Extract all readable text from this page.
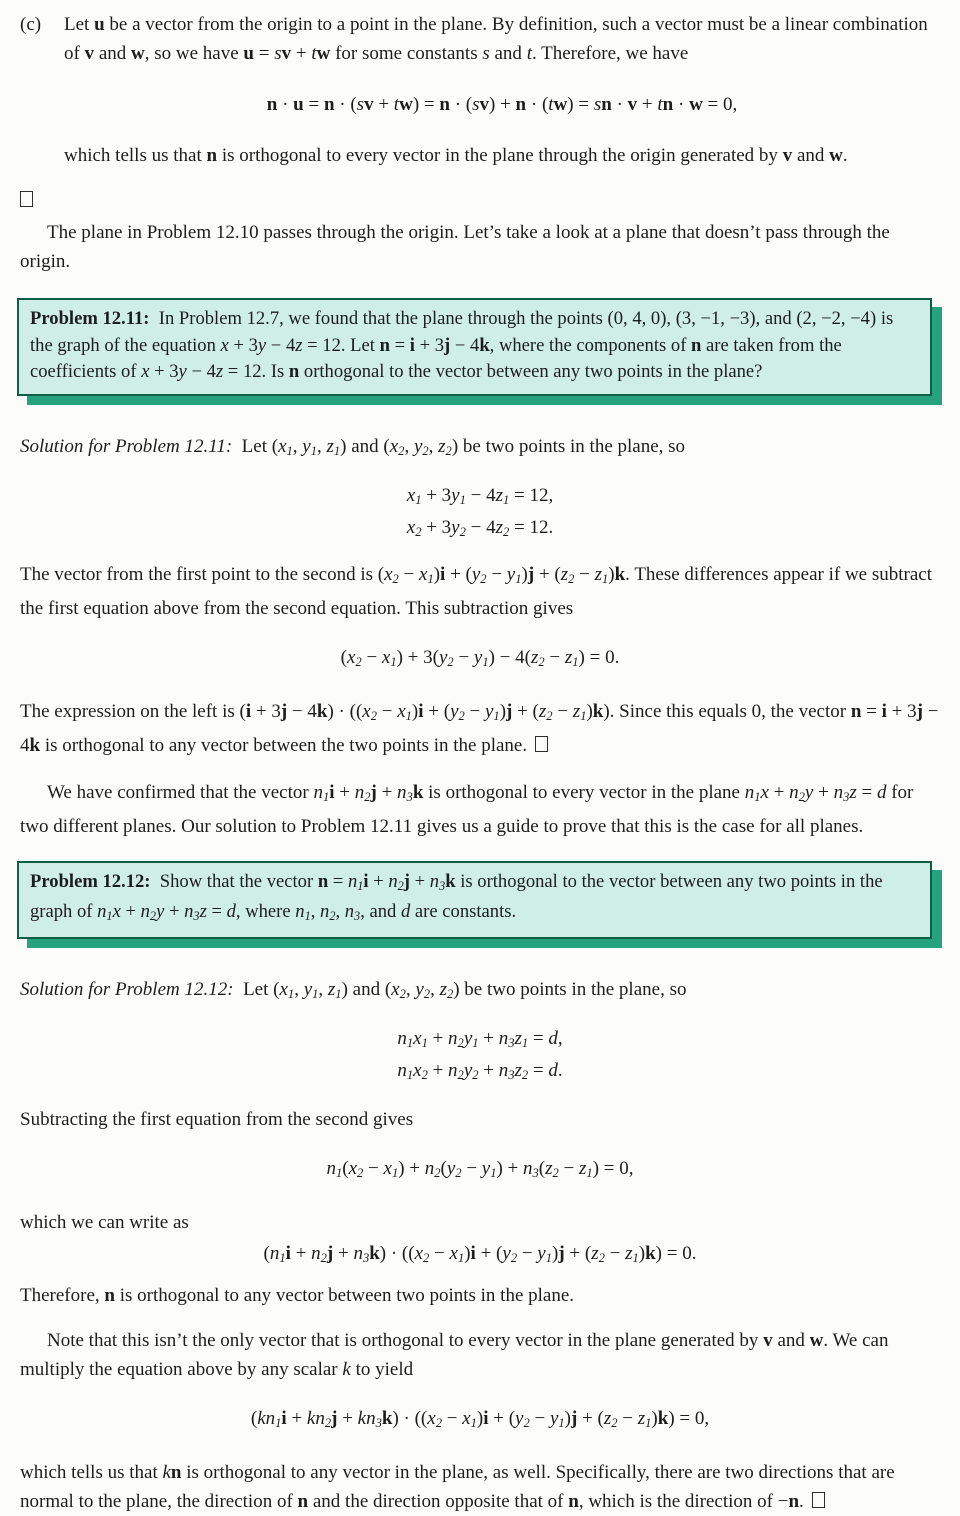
(c)	Let u be a vector from the origin to a point in the plane. By definition, such a vector must be a linear combination of v and w, so we have u = sv + tw for some constants s and t. Therefore, we have

n · u = n · (sv + tw) = n · (sv) + n · (tw) = sn · v + tn · w = 0,

which tells us that n is orthogonal to every vector in the plane through the origin generated by v and w.

The plane in Problem 12.10 passes through the origin. Let’s take a look at a plane that doesn’t pass through the origin.

Problem 12.11:  In Problem 12.7, we found that the plane through the points (0, 4, 0), (3, −1, −3), and (2, −2, −4) is the graph of the equation x + 3y − 4z = 12. Let n = i + 3j − 4k, where the components of n are taken from the coefficients of x + 3y − 4z = 12. Is n orthogonal to the vector between any two points in the plane?

Solution for Problem 12.11:  Let (x1, y1, z1) and (x2, y2, z2) be two points in the plane, so

x1 + 3y1 − 4z1 = 12,

x2 + 3y2 − 4z2 = 12.

The vector from the first point to the second is (x2 − x1)i + (y2 − y1)j + (z2 − z1)k. These differences appear if we subtract the first equation above from the second equation. This subtraction gives

(x2 − x1) + 3(y2 − y1) − 4(z2 − z1) = 0.

The expression on the left is (i + 3j − 4k) · ((x2 − x1)i + (y2 − y1)j + (z2 − z1)k). Since this equals 0, the vector n = i + 3j − 4k is orthogonal to any vector between the two points in the plane.

We have confirmed that the vector n1i + n2j + n3k is orthogonal to every vector in the plane n1x + n2y + n3z = d for two different planes. Our solution to Problem 12.11 gives us a guide to prove that this is the case for all planes.

Problem 12.12:  Show that the vector n = n1i + n2j + n3k is orthogonal to the vector between any two points in the graph of n1x + n2y + n3z = d, where n1, n2, n3, and d are constants.

Solution for Problem 12.12:  Let (x1, y1, z1) and (x2, y2, z2) be two points in the plane, so

n1x1 + n2y1 + n3z1 = d,

n1x2 + n2y2 + n3z2 = d.

Subtracting the first equation from the second gives

n1(x2 − x1) + n2(y2 − y1) + n3(z2 − z1) = 0,

which we can write as

(n1i + n2j + n3k) · ((x2 − x1)i + (y2 − y1)j + (z2 − z1)k) = 0.

Therefore, n is orthogonal to any vector between two points in the plane.

Note that this isn’t the only vector that is orthogonal to every vector in the plane generated by v and w. We can multiply the equation above by any scalar k to yield

(kn1i + kn2j + kn3k) · ((x2 − x1)i + (y2 − y1)j + (z2 − z1)k) = 0,

which tells us that kn is orthogonal to any vector in the plane, as well. Specifically, there are two directions that are normal to the plane, the direction of n and the direction opposite that of n, which is the direction of −n.
